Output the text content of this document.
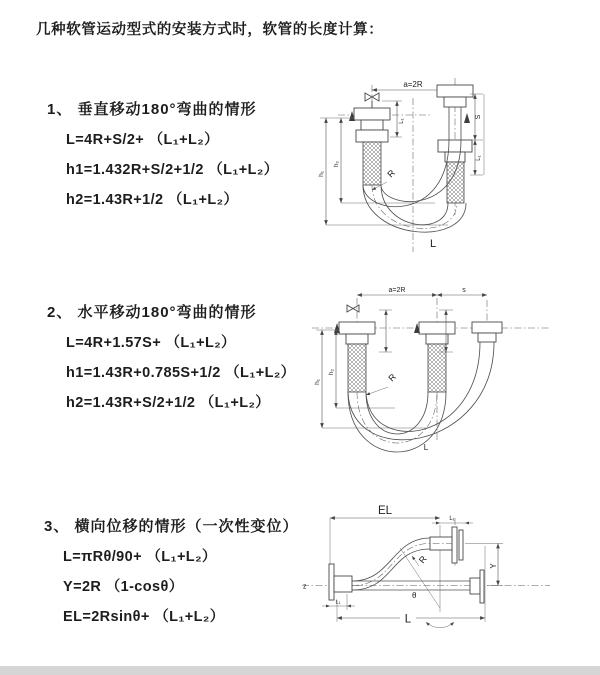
几种软管运动型式的安装方式时，软管的长度计算：
1、 垂直移动180°弯曲的情形
L=4R+S/2+ （L₁+L₂）
h1=1.432R+S/2+1/2 （L₁+L₂）
h2=1.43R+1/2 （L₁+L₂）
2、 水平移动180°弯曲的情形
L=4R+1.57S+ （L₁+L₂）
h1=1.43R+0.785S+1/2 （L₁+L₂）
h2=1.43R+S/2+1/2 （L₁+L₂）
3、 横向位移的情形（一次性变位）
L=πRθ/90+ （L₁+L₂）
Y=2R （1-cosθ）
EL=2Rsinθ+ （L₁+L₂）
a=2R
L₁
S
L₁
h₁
h₂
R
L
a=2R	s
h₁
h₂	R
L
EL
L₁
Y
z
R
θ
L
L₁
